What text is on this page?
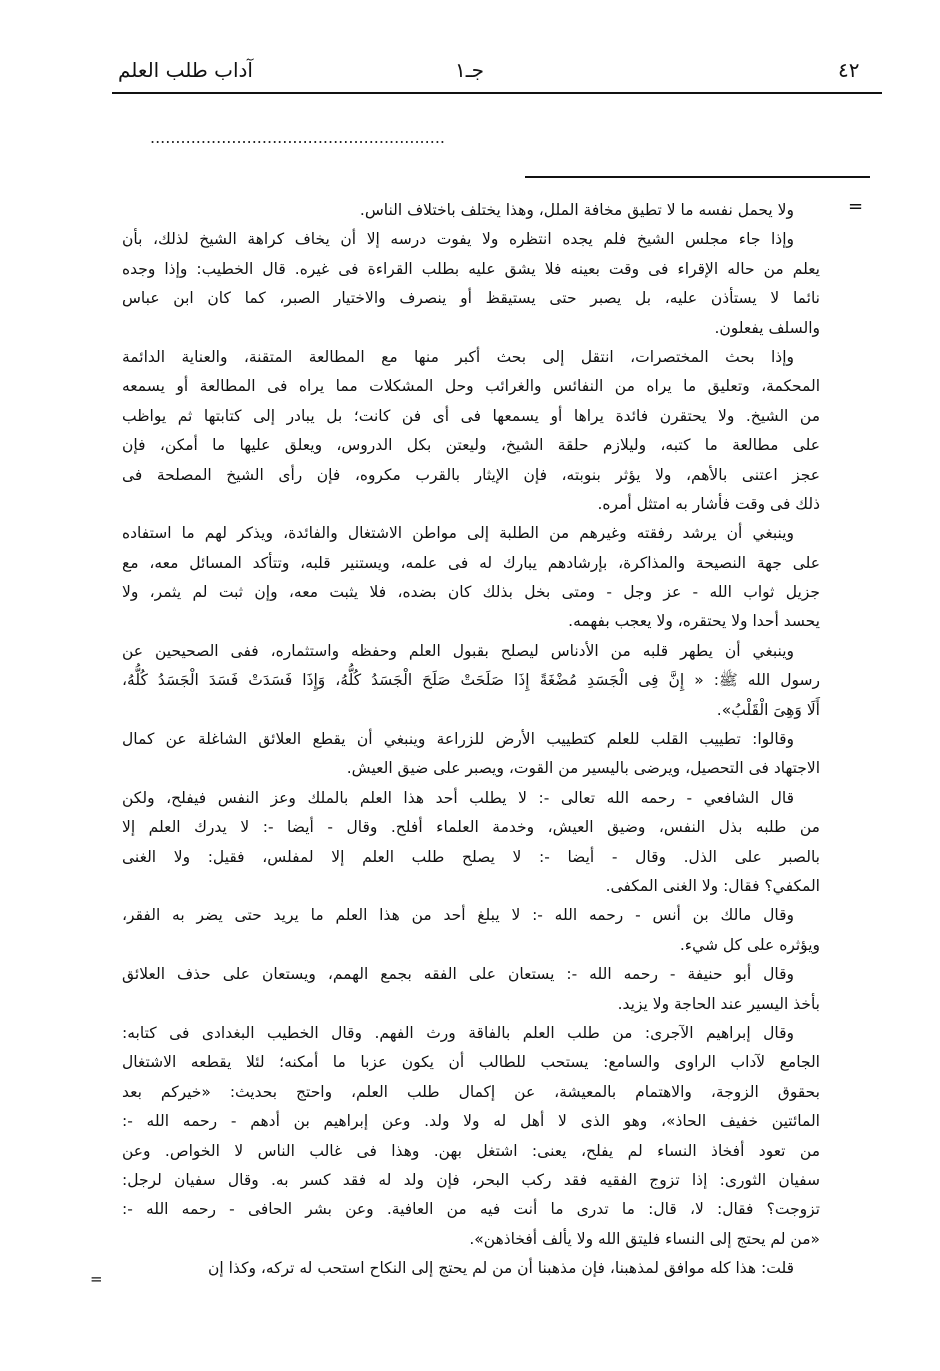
٤٢
جـ١
آداب طلب العلم
..........................................................
=
=
ولا يحمل نفسه ما لا تطيق مخافة الملل، وهذا يختلف باختلاف الناس.
وإذا جاء مجلس الشيخ فلم يجده انتظره ولا يفوت درسه إلا أن يخاف كراهة الشيخ لذلك، بأن
يعلم من حاله الإقراء فى وقت بعينه فلا يشق عليه بطلب القراءة فى غيره. قال الخطيب: وإذا وجده
نائما لا يستأذن عليه، بل يصبر حتى يستيقظ أو ينصرف والاختيار الصبر، كما كان ابن عباس
والسلف يفعلون.
وإذا بحث المختصرات، انتقل إلى بحث أكبر منها مع المطالعة المتقنة، والعناية الدائمة
المحكمة، وتعليق ما يراه من النفائس والغرائب وحل المشكلات مما يراه فى المطالعة أو يسمعه
من الشيخ. ولا يحتقرن فائدة يراها أو يسمعها فى أى فن كانت؛ بل يبادر إلى كتابتها ثم يواظب
على مطالعة ما كتبه، وليلازم حلقة الشيخ، وليعتن بكل الدروس، ويعلق عليها ما أمكن، فإن
عجز اعتنى بالأهم، ولا يؤثر بنوبته، فإن الإيثار بالقرب مكروه، فإن رأى الشيخ المصلحة فى
ذلك فى وقت فأشار به امتثل أمره.
وينبغي أن يرشد رفقته وغيرهم من الطلبة إلى مواطن الاشتغال والفائدة، ويذكر لهم ما استفاده
على جهة النصيحة والمذاكرة، بإرشادهم يبارك له فى علمه، ويستنير قلبه، وتتأكد المسائل معه، مع
جزيل ثواب الله - عز وجل - ومتى بخل بذلك كان بضده، فلا يثبت معه، وإن ثبت لم يثمر، ولا
يحسد أحدا ولا يحتقره، ولا يعجب بفهمه.
وينبغي أن يطهر قلبه من الأدناس ليصلح بقبول العلم وحفظه واستثماره، ففى الصحيحين عن
رسول الله ﷺ: « إِنَّ فِى الْجَسَدِ مُضْغَةً إِذَا صَلَحَتْ صَلَحَ الْجَسَدُ كُلُّهُ، وَإِذَا فَسَدَتْ فَسَدَ الْجَسَدُ كُلُّهُ،
أَلَا وَهِىَ الْقَلْبُ».
وقالوا: تطييب القلب للعلم كتطييب الأرض للزراعة وينبغي أن يقطع العلائق الشاغلة عن كمال
الاجتهاد فى التحصيل، ويرضى باليسير من القوت، ويصبر على ضيق العيش.
قال الشافعي - رحمه الله تعالى -: لا يطلب أحد هذا العلم بالملك وعز النفس فيفلح، ولكن
من طلبه بذل النفس، وضيق العيش، وخدمة العلماء أفلح. وقال - أيضا -: لا يدرك العلم إلا
بالصبر على الذل. وقال - أيضا -: لا يصلح طلب العلم إلا لمفلس، فقيل: ولا الغنى
المكفي؟ فقال: ولا الغنى المكفى.
وقال مالك بن أنس - رحمه الله -: لا يبلغ أحد من هذا العلم ما يريد حتى يضر به الفقر،
ويؤثره على كل شيء.
وقال أبو حنيفة - رحمه الله -: يستعان على الفقه بجمع الهمم، ويستعان على حذف العلائق
بأخذ اليسير عند الحاجة ولا يزيد.
وقال إبراهيم الآجرى: من طلب العلم بالفاقة ورث الفهم. وقال الخطيب البغدادى فى كتابه:
الجامع لآداب الراوى والسامع: يستحب للطالب أن يكون عزبا ما أمكنه؛ لئلا يقطعه الاشتغال
بحقوق الزوجة، والاهتمام بالمعيشة، عن إكمال طلب العلم، واحتج بحديث: «خيركم بعد
المائتين خفيف الحاذ»، وهو الذى لا أهل له ولا ولد. وعن إبراهيم بن أدهم - رحمه الله -:
من تعود أفخاذ النساء لم يفلح، يعنى: اشتغل بهن. وهذا فى غالب الناس لا الخواص. وعن
سفيان الثورى: إذا تزوج الفقيه فقد ركب البحر، فإن ولد له فقد كسر به. وقال سفيان لرجل:
تزوجت؟ فقال: لا، قال: ما تدرى ما أنت فيه من العافية. وعن بشر الحافى - رحمه الله -:
«من لم يحتج إلى النساء فليتق الله ولا يألف أفخاذهن».
قلت: هذا كله موافق لمذهبنا، فإن مذهبنا أن من لم يحتج إلى النكاح استحب له تركه، وكذا إن
